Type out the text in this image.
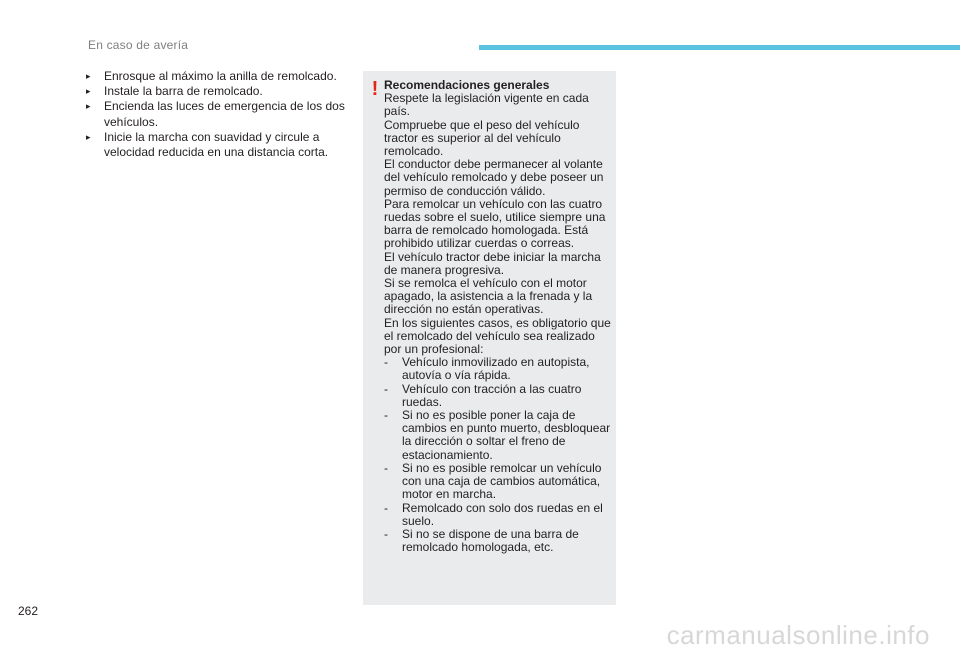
En caso de avería
▸ Enrosque al máximo la anilla de remolcado.
▸ Instale la barra de remolcado.
▸ Encienda las luces de emergencia de los dos vehículos.
▸ Inicie la marcha con suavidad y circule a velocidad reducida en una distancia corta.
! Recomendaciones generales
Respete la legislación vigente en cada país.
Compruebe que el peso del vehículo tractor es superior al del vehículo remolcado.
El conductor debe permanecer al volante del vehículo remolcado y debe poseer un permiso de conducción válido.
Para remolcar un vehículo con las cuatro ruedas sobre el suelo, utilice siempre una barra de remolcado homologada. Está prohibido utilizar cuerdas o correas.
El vehículo tractor debe iniciar la marcha de manera progresiva.
Si se remolca el vehículo con el motor apagado, la asistencia a la frenada y la dirección no están operativas.
En los siguientes casos, es obligatorio que el remolcado del vehículo sea realizado por un profesional:
- Vehículo inmovilizado en autopista, autovía o vía rápida.
- Vehículo con tracción a las cuatro ruedas.
- Si no es posible poner la caja de cambios en punto muerto, desbloquear la dirección o soltar el freno de estacionamiento.
- Si no es posible remolcar un vehículo con una caja de cambios automática, motor en marcha.
- Remolcado con solo dos ruedas en el suelo.
- Si no se dispone de una barra de remolcado homologada, etc.
262
carmanualsonline.info
